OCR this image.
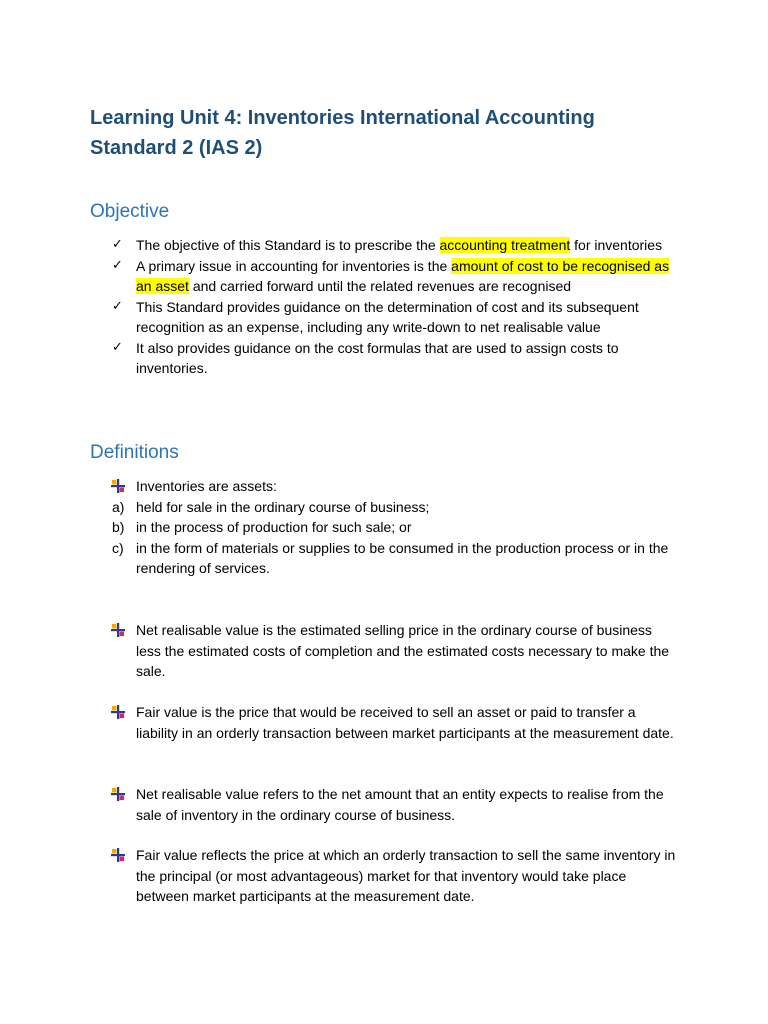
Learning Unit 4: Inventories International Accounting Standard 2 (IAS 2)
Objective
✓ The objective of this Standard is to prescribe the accounting treatment for inventories
✓ A primary issue in accounting for inventories is the amount of cost to be recognised as an asset and carried forward until the related revenues are recognised
✓ This Standard provides guidance on the determination of cost and its subsequent recognition as an expense, including any write-down to net realisable value
✓ It also provides guidance on the cost formulas that are used to assign costs to inventories.
Definitions
Inventories are assets:
a) held for sale in the ordinary course of business;
b) in the process of production for such sale; or
c) in the form of materials or supplies to be consumed in the production process or in the rendering of services.

Net realisable value is the estimated selling price in the ordinary course of business less the estimated costs of completion and the estimated costs necessary to make the sale.

Fair value is the price that would be received to sell an asset or paid to transfer a liability in an orderly transaction between market participants at the measurement date.

Net realisable value refers to the net amount that an entity expects to realise from the sale of inventory in the ordinary course of business.

Fair value reflects the price at which an orderly transaction to sell the same inventory in the principal (or most advantageous) market for that inventory would take place between market participants at the measurement date.
